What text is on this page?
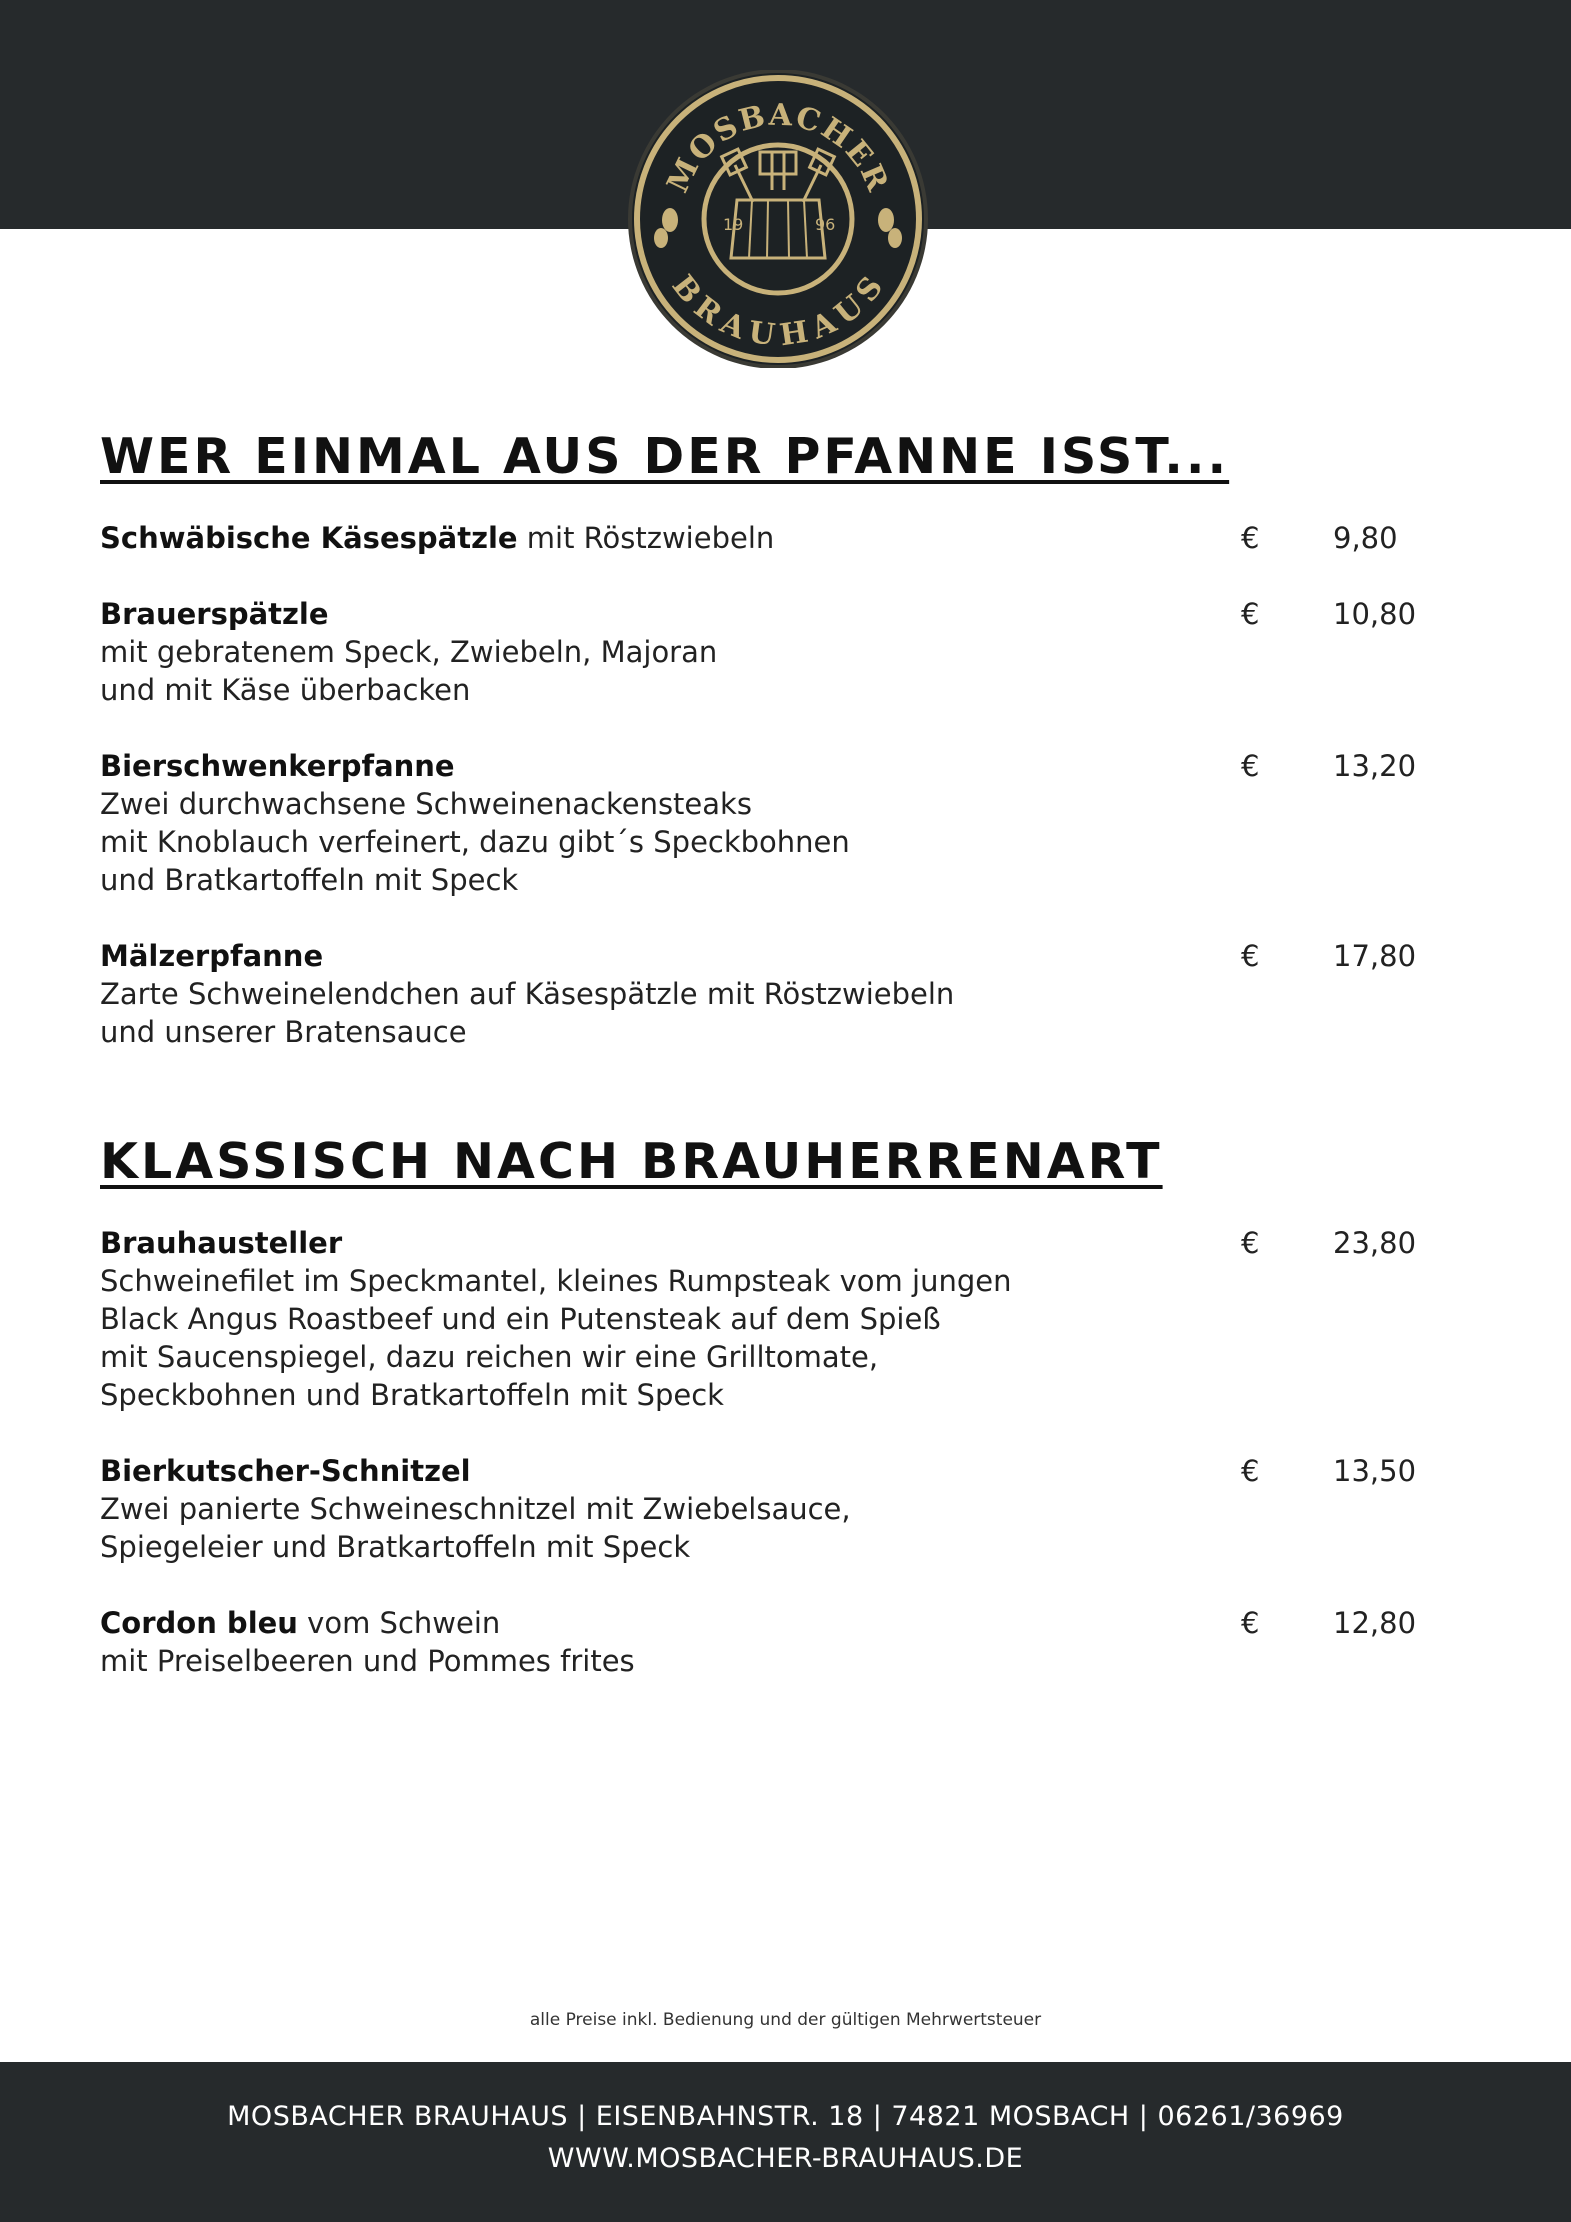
MOSBACHER
BRAUHAUS
19	96
WER EINMAL AUS DER PFANNE ISST...
Schwäbische Käsespätzle mit Röstzwiebeln	€	9,80
Brauerspätzle
mit gebratenem Speck, Zwiebeln, Majoran
und mit Käse überbacken
€	10,80
Bierschwenkerpfanne
Zwei durchwachsene Schweinenackensteaks
mit Knoblauch verfeinert, dazu gibt´s Speckbohnen
und Bratkartoffeln mit Speck
€	13,20
Mälzerpfanne
Zarte Schweinelendchen auf Käsespätzle mit Röstzwiebeln
und unserer Bratensauce
€	17,80
KLASSISCH NACH BRAUHERRENART
Brauhausteller
Schweinefilet im Speckmantel, kleines Rumpsteak vom jungen
Black Angus Roastbeef und ein Putensteak auf dem Spieß
mit Saucenspiegel, dazu reichen wir eine Grilltomate,
Speckbohnen und Bratkartoffeln mit Speck
€	23,80
Bierkutscher-Schnitzel
Zwei panierte Schweineschnitzel mit Zwiebelsauce,
Spiegeleier und Bratkartoffeln mit Speck
€	13,50
Cordon bleu vom Schwein
mit Preiselbeeren und Pommes frites
€	12,80
alle Preise inkl. Bedienung und der gültigen Mehrwertsteuer
MOSBACHER BRAUHAUS | EISENBAHNSTR. 18 | 74821 MOSBACH | 06261/36969
WWW.MOSBACHER-BRAUHAUS.DE
